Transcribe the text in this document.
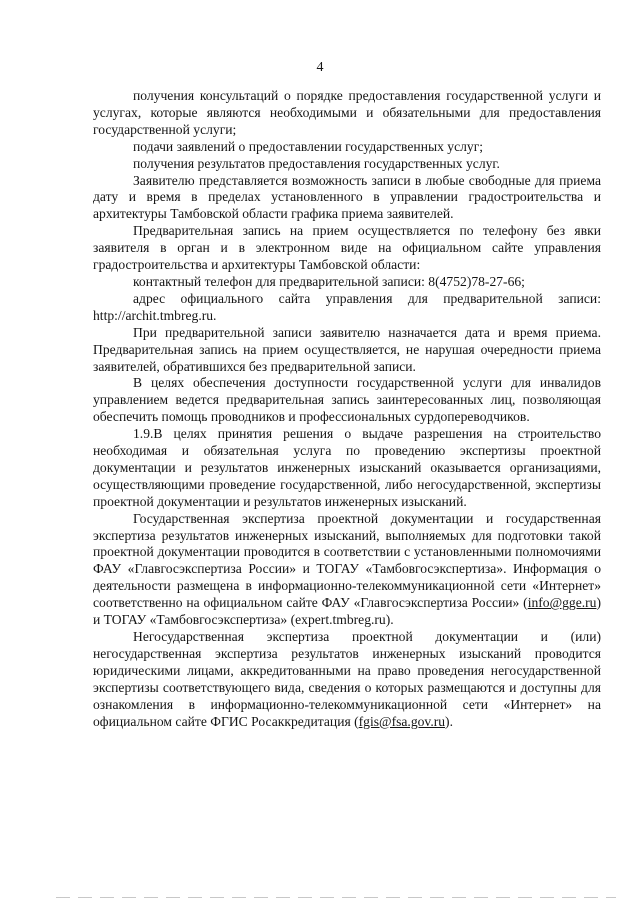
4

получения консультаций о порядке предоставления государственной услуги и услугах, которые являются необходимыми и обязательными для предоставления государственной услуги;

подачи заявлений о предоставлении государственных услуг;

получения результатов предоставления государственных услуг.

Заявителю представляется возможность записи в любые свободные для приема дату и время в пределах установленного в управлении градостроительства и архитектуры Тамбовской области графика приема заявителей.

Предварительная запись на прием осуществляется по телефону без явки заявителя в орган и в электронном виде на официальном сайте управления градостроительства и архитектуры Тамбовской области:

контактный телефон для предварительной записи: 8(4752)78-27-66;

адрес официального сайта управления для предварительной записи: http://archit.tmbreg.ru.

При предварительной записи заявителю назначается дата и время приема. Предварительная запись на прием осуществляется, не нарушая очередности приема заявителей, обратившихся без предварительной записи.

В целях обеспечения доступности государственной услуги для инвалидов управлением ведется предварительная запись заинтересованных лиц, позволяющая обеспечить помощь проводников и профессиональных сурдопереводчиков.

1.9.В целях принятия решения о выдаче разрешения на строительство необходимая и обязательная услуга по проведению экспертизы проектной документации и результатов инженерных изысканий оказывается организациями, осуществляющими проведение государственной, либо негосударственной, экспертизы проектной документации и результатов инженерных изысканий.

Государственная экспертиза проектной документации и государственная экспертиза результатов инженерных изысканий, выполняемых для подготовки такой проектной документации проводится в соответствии с установленными полномочиями ФАУ «Главгосэкспертиза России» и ТОГАУ «Тамбовгосэкспертиза». Информация о деятельности размещена в информационно-телекоммуникационной сети «Интернет» соответственно на официальном сайте ФАУ «Главгосэкспертиза России» (info@gge.ru) и ТОГАУ «Тамбовгосэкспертиза» (expert.tmbreg.ru).

Негосударственная экспертиза проектной документации и (или) негосударственная экспертиза результатов инженерных изысканий проводится юридическими лицами, аккредитованными на право проведения негосударственной экспертизы соответствующего вида, сведения о которых размещаются и доступны для ознакомления в информационно-телекоммуникационной сети «Интернет» на официальном сайте ФГИС Росаккредитация (fgis@fsa.gov.ru).
